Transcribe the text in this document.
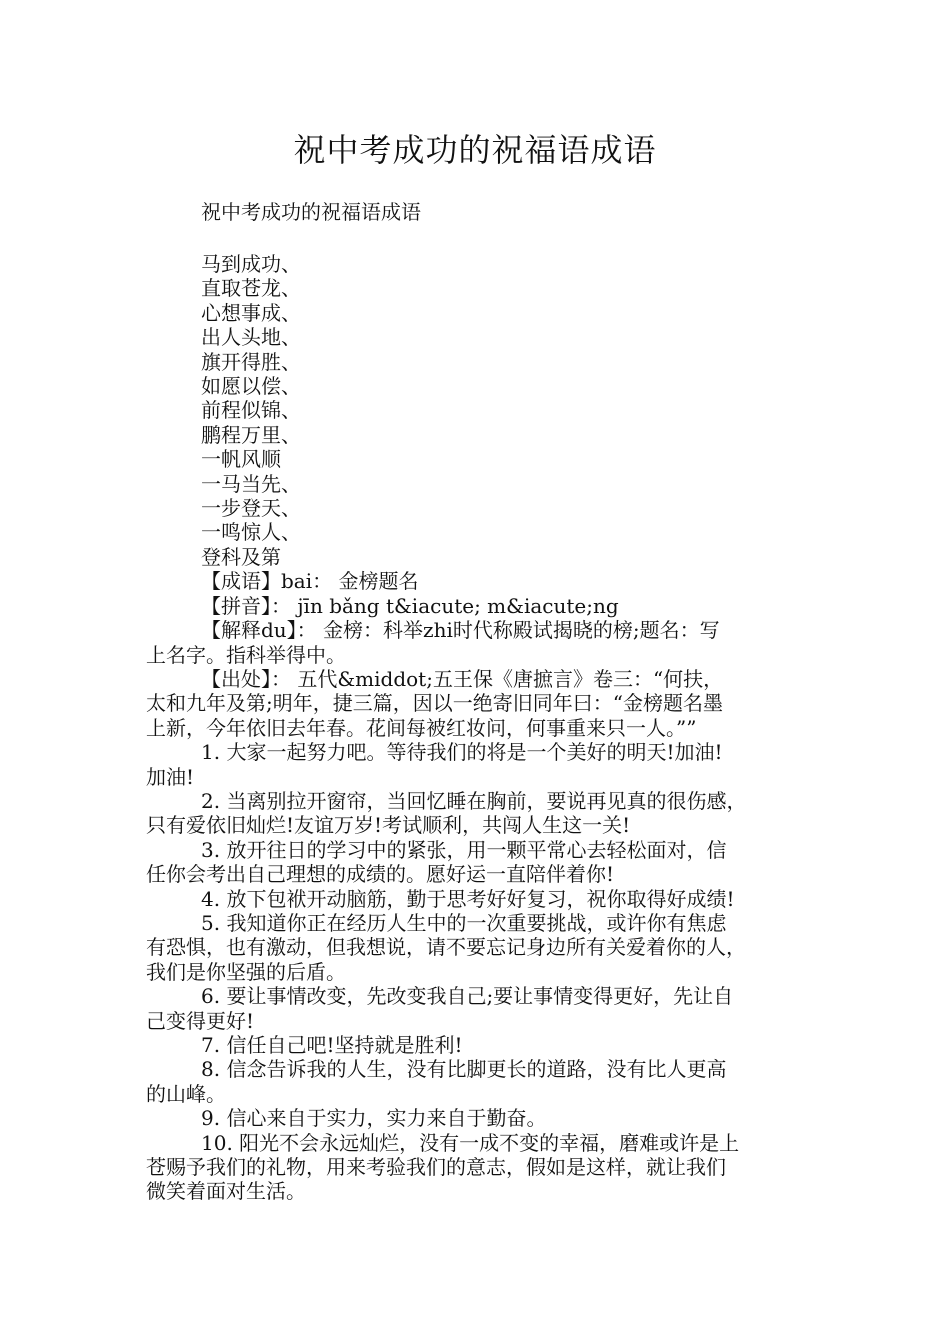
祝中考成功的祝福语成语
祝中考成功的祝福语成语
马到成功、
直取苍龙、
心想事成、
出人头地、
旗开得胜、
如愿以偿、
前程似锦、
鹏程万里、
一帆风顺
一马当先、
一步登天、
一鸣惊人、
登科及第
【成语】bai： 金榜题名
【拼音】： jīn bǎng t&iacute; m&iacute;ng
【解释du】： 金榜：科举zhi时代称殿试揭晓的榜;题名：写
上名字。指科举得中。
【出处】： 五代&middot;五王保《唐摭言》卷三：“何扶，
太和九年及第;明年，捷三篇，因以一绝寄旧同年曰：“金榜题名墨
上新，今年依旧去年春。花间每被红妆问，何事重来只一人。””
1. 大家一起努力吧。等待我们的将是一个美好的明天!加油!
加油!
2. 当离别拉开窗帘，当回忆睡在胸前，要说再见真的很伤感，
只有爱依旧灿烂!友谊万岁!考试顺利，共闯人生这一关!
3. 放开往日的学习中的紧张，用一颗平常心去轻松面对，信
任你会考出自己理想的成绩的。愿好运一直陪伴着你!
4. 放下包袱开动脑筋，勤于思考好好复习，祝你取得好成绩!
5. 我知道你正在经历人生中的一次重要挑战，或许你有焦虑
有恐惧，也有激动，但我想说，请不要忘记身边所有关爱着你的人，
我们是你坚强的后盾。
6. 要让事情改变，先改变我自己;要让事情变得更好，先让自
己变得更好!
7. 信任自己吧!坚持就是胜利!
8. 信念告诉我的人生，没有比脚更长的道路，没有比人更高
的山峰。
9. 信心来自于实力，实力来自于勤奋。
10. 阳光不会永远灿烂，没有一成不变的幸福，磨难或许是上
苍赐予我们的礼物，用来考验我们的意志，假如是这样，就让我们
微笑着面对生活。
